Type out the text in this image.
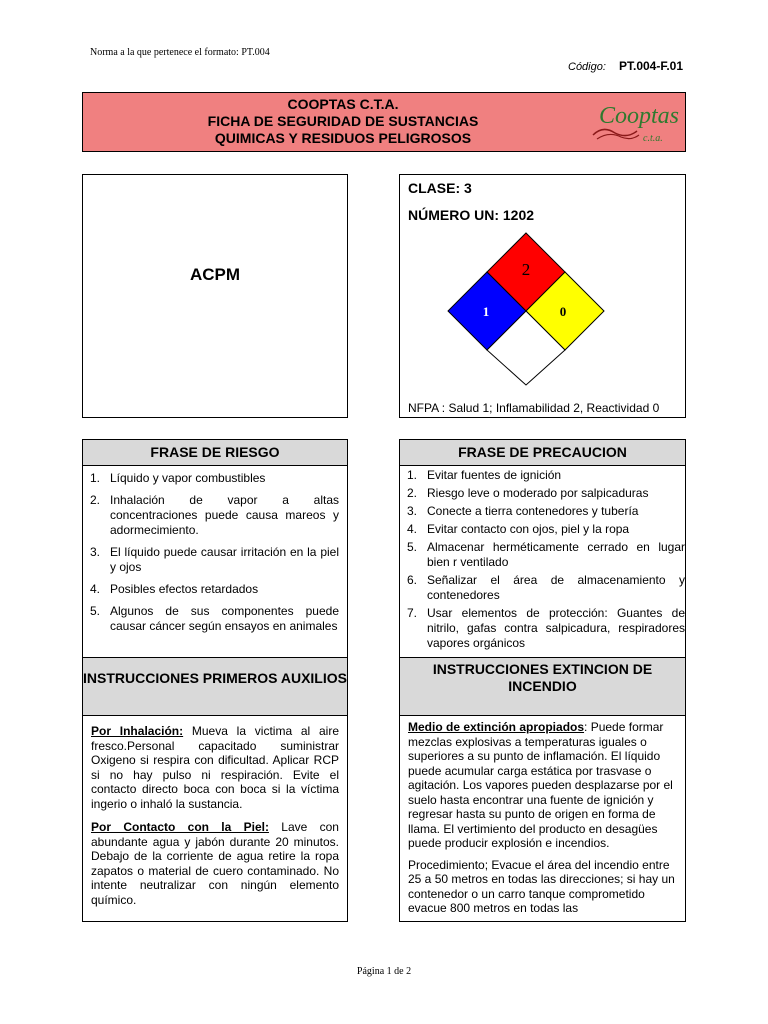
Norma a la que pertenece el formato: PT.004
Código: PT.004-F.01
COOPTAS C.T.A.
FICHA DE SEGURIDAD DE SUSTANCIAS
QUIMICAS Y RESIDUOS PELIGROSOS
Cooptas
c.t.a.
ACPM
CLASE: 3
NÚMERO UN: 1202
2
1	0
NFPA : Salud 1; Inflamabilidad 2, Reactividad 0
FRASE DE RIESGO
1. Líquido y vapor combustibles
2. Inhalación de vapor a altas concentraciones puede causa mareos y adormecimiento.
3. El líquido puede causar irritación en la piel y ojos
4. Posibles efectos retardados
5. Algunos de sus componentes puede causar cáncer según ensayos en animales
FRASE DE PRECAUCION
1. Evitar fuentes de ignición
2. Riesgo leve o moderado por salpicaduras
3. Conecte a tierra contenedores y tubería
4. Evitar contacto con ojos, piel y la ropa
5. Almacenar herméticamente cerrado en lugar bien r ventilado
6. Señalizar el área de almacenamiento y contenedores
7. Usar elementos de protección: Guantes de nitrilo, gafas contra salpicadura, respiradores vapores orgánicos
INSTRUCCIONES PRIMEROS AUXILIOS

Por Inhalación: Mueva la victima al aire fresco.Personal capacitado suministrar Oxigeno si respira con dificultad. Aplicar RCP si no hay pulso ni respiración. Evite el contacto directo boca con boca si la víctima ingerio o inhaló la sustancia.

Por Contacto con la Piel: Lave con abundante agua y jabón durante 20 minutos. Debajo de la corriente de agua retire la ropa zapatos o material de cuero contaminado. No intente neutralizar con ningún elemento químico.

INSTRUCCIONES EXTINCION DE INCENDIO

Medio de extinción apropiados: Puede formar mezclas explosivas a temperaturas iguales o superiores a su punto de inflamación. El líquido puede acumular carga estática por trasvase o agitación. Los vapores pueden desplazarse por el suelo hasta encontrar una fuente de ignición y regresar hasta su punto de origen en forma de llama. El vertimiento del producto en desagües puede producir explosión e incendios.

Procedimiento; Evacue el área del incendio entre 25 a 50 metros en todas las direcciones; si hay un contenedor o un carro tanque comprometido evacue 800 metros en todas las

Página 1 de 2
